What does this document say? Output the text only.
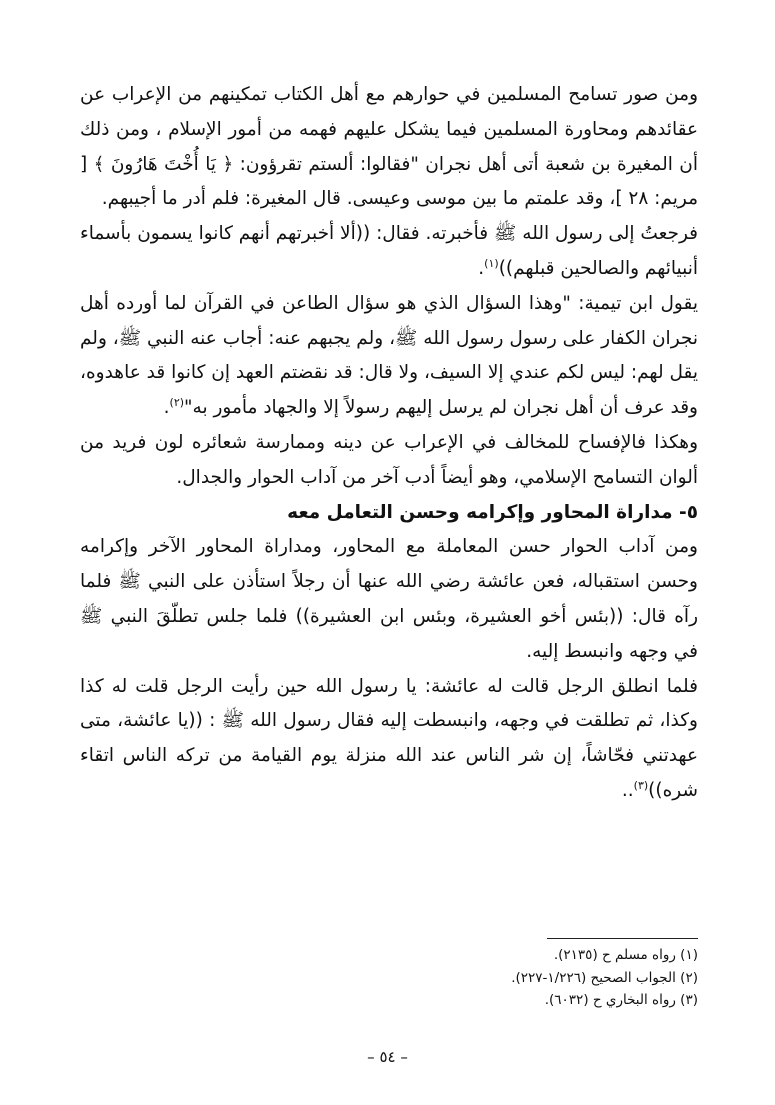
ومن صور تسامح المسلمين في حوارهم مع أهل الكتاب تمكينهم من الإعراب عن عقائدهم ومحاورة المسلمين فيما يشكل عليهم فهمه من أمور الإسلام ، ومن ذلك أن المغيرة بن شعبة أتى أهل نجران "فقالوا: ألستم تقرؤون: ﴿ يَا أُخْتَ هَارُونَ ﴾ [ مريم: ٢٨ ]، وقد علمتم ما بين موسى وعيسى. قال المغيرة: فلم أدر ما أجيبهم.

فرجعتُ إلى رسول الله ﷺ فأخبرته. فقال: ((ألا أخبرتهم أنهم كانوا يسمون بأسماء أنبيائهم والصالحين قبلهم))$^{(١)}$.

يقول ابن تيمية: "وهذا السؤال الذي هو سؤال الطاعن في القرآن لما أورده أهل نجران الكفار على رسول رسول الله ﷺ، ولم يجبهم عنه: أجاب عنه النبي ﷺ، ولم يقل لهم: ليس لكم عندي إلا السيف، ولا قال: قد نقضتم العهد إن كانوا قد عاهدوه، وقد عرف أن أهل نجران لم يرسل إليهم رسولاً إلا والجهاد مأمور به"$^{(٢)}$.

وهكذا فالإفساح للمخالف في الإعراب عن دينه وممارسة شعائره لون فريد من ألوان التسامح الإسلامي، وهو أيضاً أدب آخر من آداب الحوار والجدال.

٥- مداراة المحاور وإكرامه وحسن التعامل معه

ومن آداب الحوار حسن المعاملة مع المحاور، ومداراة المحاور الآخر وإكرامه وحسن استقباله، فعن عائشة رضي الله عنها أن رجلاً استأذن على النبي ﷺ فلما رآه قال: ((بئس أخو العشيرة، وبئس ابن العشيرة)) فلما جلس تطلّقَ النبي ﷺ في وجهه وانبسط إليه.

فلما انطلق الرجل قالت له عائشة: يا رسول الله حين رأيت الرجل قلت له كذا وكذا، ثم تطلقت في وجهه، وانبسطت إليه فقال رسول الله ﷺ : ((يا عائشة، متى عهدتني فحّاشاً، إن شر الناس عند الله منزلة يوم القيامة من تركه الناس اتقاء شره))$^{(٣)}$..

(١) رواه مسلم ح (٢١٣٥).
(٢) الجواب الصحيح (١/٢٢٦-٢٢٧).
(٣) رواه البخاري ح (٦٠٣٢).
– ٥٤ –
